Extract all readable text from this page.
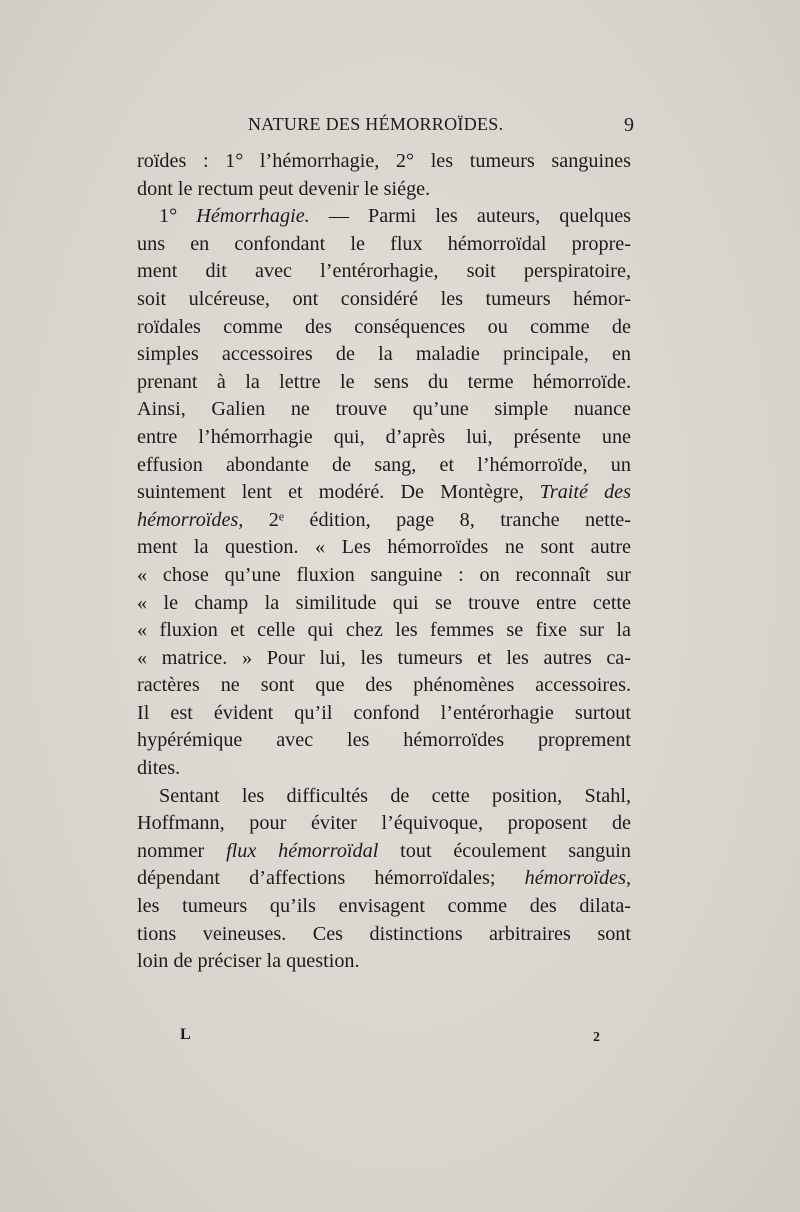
NATURE DES HÉMORROÏDES.	9
roïdes : 1° l’hémorrhagie, 2° les tumeurs sanguines
dont le rectum peut devenir le siége.
1° Hémorrhagie. — Parmi les auteurs, quelques
uns en confondant le flux hémorroïdal propre-
ment dit avec l’entérorhagie, soit perspiratoire,
soit ulcéreuse, ont considéré les tumeurs hémor-
roïdales comme des conséquences ou comme de
simples accessoires de la maladie principale, en
prenant à la lettre le sens du terme hémorroïde.
Ainsi, Galien ne trouve qu’une simple nuance
entre l’hémorrhagie qui, d’après lui, présente une
effusion abondante de sang, et l’hémorroïde, un
suintement lent et modéré. De Montègre, Traité des
hémorroïdes, 2ᵉ édition, page 8, tranche nette-
ment la question. « Les hémorroïdes ne sont autre
« chose qu’une fluxion sanguine : on reconnaît sur
« le champ la similitude qui se trouve entre cette
« fluxion et celle qui chez les femmes se fixe sur la
« matrice. » Pour lui, les tumeurs et les autres ca-
ractères ne sont que des phénomènes accessoires.
Il est évident qu’il confond l’entérorhagie surtout
hypérémique avec les hémorroïdes proprement
dites.
Sentant les difficultés de cette position, Stahl,
Hoffmann, pour éviter l’équivoque, proposent de
nommer flux hémorroïdal tout écoulement sanguin
dépendant d’affections hémorroïdales; hémorroïdes,
les tumeurs qu’ils envisagent comme des dilata-
tions veineuses. Ces distinctions arbitraires sont
loin de préciser la question.
L	2
